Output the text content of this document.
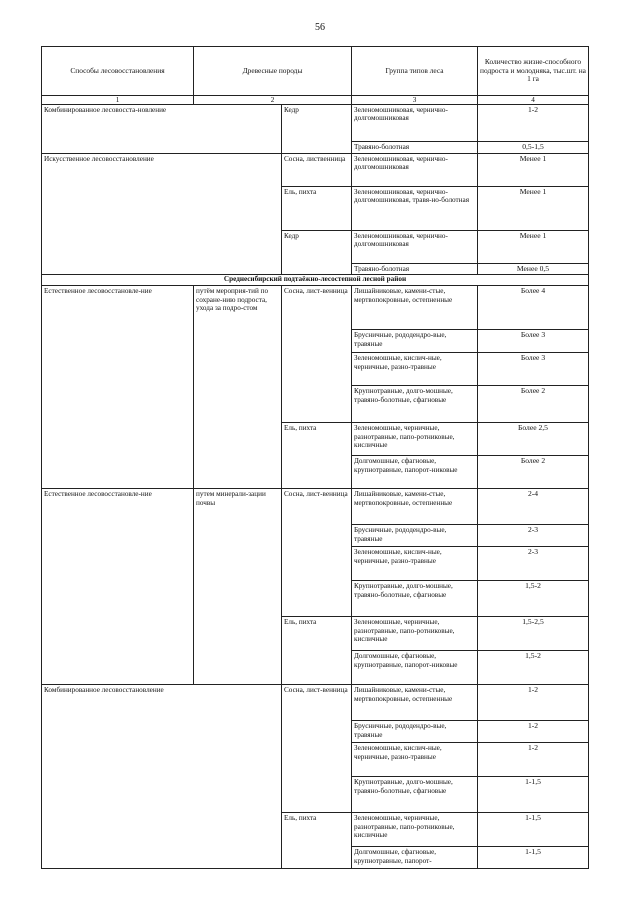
56
Способы лесовосстановления	Древесные породы		Группа типов леса	Количество жизне-способного подроста и молодняка, тыс.шт. на 1 га
1	2		3	4
Комбинированное лесовосста-новление		Кедр	Зеленомошниковая, чернично-долгомошниковая	1-2
			Травяно-болотная	0,5-1,5
Искусственное лесовосстановление		Сосна, лиственница	Зеленомошниковая, чернично-долгомошниковая	Менее 1
		Ель, пихта	Зеленомошниковая, чернично-долгомошниковая, травя-но-болотная	Менее 1
		Кедр	Зеленомошниковая, чернично-долгомошниковая	Менее 1
			Травяно-болотная	Менее 0,5
Среднесибирский подтаёжно-лесостепной лесной район				
Естественное лесовосстановле-ние	путём мероприя-тий по сохране-нию подроста, ухода за подро-стом	Сосна, лист-венница	Лишайниковые, камени-стые, мертвопокровные, остепненные	Более 4
			Брусничные, рододендро-вые, травяные	Более 3
			Зеленомошные, кислич-ные, черничные, разно-травные	Более 3
			Крупнотравные, долго-мошные, травяно-болотные, сфагновые	Более 2
		Ель, пихта	Зеленомошные, черничные, разнотравные, папо-ротниковые, кисличные	Более 2,5
			Долгомошные, сфагновые, крупнотравные, папорот-никовые	Более 2
Естественное лесовосстановле-ние	путем минерали-зации почвы	Сосна, лист-венница	Лишайниковые, камени-стые, мертвопокровные, остепненные	2-4
			Брусничные, рододендро-вые, травяные	2-3
			Зеленомошные, кислич-ные, черничные, разно-травные	2-3
			Крупнотравные, долго-мошные, травяно-болотные, сфагновые	1,5-2
		Ель, пихта	Зеленомошные, черничные, разнотравные, папо-ротниковые, кисличные	1,5-2,5
			Долгомошные, сфагновые, крупнотравные, папорот-никовые	1,5-2
Комбинированное лесовосстановление		Сосна, лист-венница	Лишайниковые, камени-стые, мертвопокровные, остепненные	1-2
			Брусничные, рододендро-вые, травяные	1-2
			Зеленомошные, кислич-ные, черничные, разно-травные	1-2
			Крупнотравные, долго-мошные, травяно-болотные, сфагновые	1-1,5
		Ель, пихта	Зеленомошные, черничные, разнотравные, папо-ротниковые, кисличные	1-1,5
			Долгомошные, сфагновые, крупнотравные, папорот-	1-1,5
